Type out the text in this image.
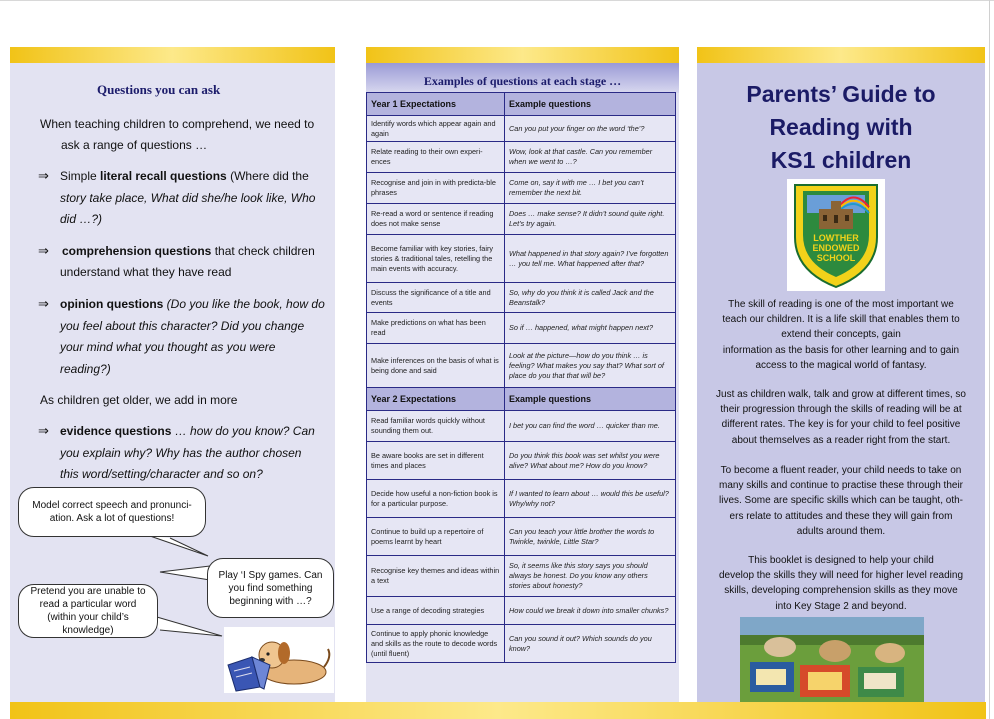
Questions you can ask
When teaching children to comprehend, we need to
ask a range of questions …
⇒ Simple literal recall questions (Where did the
story take place, What did she/he look like, Who
did …?)
⇒ comprehension questions that check children
understand what they have read
⇒ opinion questions (Do you like the book, how do
you feel about this character? Did you change
your mind what you thought as you were
reading?)
As children get older, we add in more
⇒ evidence questions … how do you know? Can
you explain why? Why has the author chosen
this word/setting/character and so on?
Model correct speech and pronunci-ation. Ask a lot of questions!
Play ‘I Spy games. Can you find something beginning with …?
Pretend you are unable to read a particular word (within your child’s knowledge)
Examples of questions at each stage …
Year 1 Expectations	Example questions
Identify words which appear again and again	Can you put your finger on the word ‘the’?
Relate reading to their own experi-ences	Wow, look at that castle. Can you remember when we went to …?
Recognise and join in with predicta-ble phrases	Come on, say it with me … I bet you can’t remember the next bit.
Re-read a word or sentence if reading does not make sense	Does … make sense? It didn’t sound quite right. Let’s try again.
Become familiar with key stories, fairy stories & traditional tales, retelling the main events with accuracy.	What happened in that story again? I’ve forgotten … you tell me. What happened after that?
Discuss the significance of a title and events	So, why do you think it is called Jack and the Beanstalk?
Make predictions on what has been read	So if … happened, what might happen next?
Make inferences on the basis of what is being done and said	Look at the picture—how do you think … is feeling? What makes you say that? What sort of place do you that that will be?
Year 2 Expectations	Example questions
Read familiar words quickly without sounding them out.	I bet you can find the word … quicker than me.
Be aware books are set in different times and places	Do you think this book was set whilst you were alive? What about me? How do you know?
Decide how useful a non-fiction book is for a particular purpose.	If I wanted to learn about … would this be useful? Why/why not?
Continue to build up a repertoire of poems learnt by heart	Can you teach your little brother the words to Twinkle, twinkle, Little Star?
Recognise key themes and ideas within a text	So, it seems like this story says you should always be honest. Do you know any others stories about honesty?
Use a range of decoding strategies	How could we break it down into smaller chunks?
Continue to apply phonic knowledge and skills as the route to decode words (until fluent)	Can you sound it out? Which sounds do you know?
Parents’ Guide to
Reading with
KS1 children
LOWTHER
ENDOWED
SCHOOL
The skill of reading is one of the most important we
teach our children. It is a life skill that enables them to
extend their concepts, gain
information as the basis for other learning and to gain
access to the magical world of fantasy.
Just as children walk, talk and grow at different times, so
their progression through the skills of reading will be at
different rates. The key is for your child to feel positive
about themselves as a reader right from the start.
To become a fluent reader, your child needs to take on
many skills and continue to practise these through their
lives. Some are specific skills which can be taught, oth-
ers relate to attitudes and these they will gain from
adults around them.
This booklet is designed to help your child
develop the skills they will need for higher level reading
skills, developing comprehension skills as they move
into Key Stage 2 and beyond.
